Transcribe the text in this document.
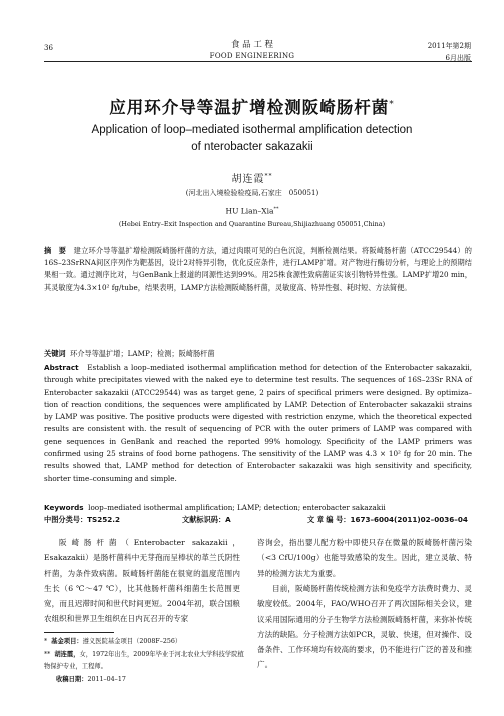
36	食 品 工 程
FOOD ENGINEERING
2011年第2期
6月出版
应用环介导等温扩增检测阪崎肠杆菌*
Application of loop–mediated isothermal amplification detection
of nterobacter sakazakii
胡连霞**
(河北出入境检验检疫局,石家庄　050051)
HU Lian–Xia**
(Hebei Entry–Exit Inspection and Quarantine Bureau,Shijiazhuang 050051,China)
摘　要 建立环介导等温扩增检测阪崎肠杆菌的方法，通过肉眼可见的白色沉淀，判断检测结果。将阪崎肠杆菌（ATCC29544）的16S–23SrRNA间区序列作为靶基因，设计2对特异引物，优化反应条件，进行LAMP扩增。对产物进行酶切分析，与理论上的预期结果相一致。通过测序比对，与GenBank上报道的同源性达到99%。用25株食源性致病菌证实该引物特异性强。LAMP扩增20 min，其灵敏度为4.3×10² fg/tube，结果表明，LAMP方法检测阪崎肠杆菌，灵敏度高、特异性强、耗时短、方法简便。
关键词 环介导等温扩增；LAMP；检测；阪崎肠杆菌
Abstract Establish a loop–mediated isothermal amplification method for detection of the Enterobacter sakazakii, through white precipitates viewed with the naked eye to determine test results. The sequences of 16S–23Sr RNA of Enterobacter sakazakii (ATCC29544) was as target gene, 2 pairs of specifical primers were designed. By optimiza–tion of reaction conditions, the sequences were amplificated by LAMP. Detection of Enterobacter sakazakii strains by LAMP was positive. The positive products were digested with restriction enzyme, which the theoretical expected results are consistent with. the result of sequencing of PCR with the outer primers of LAMP was compared with gene sequences in GenBank and reached the reported 99% homology. Specificity of the LAMP primers was confirmed using 25 strains of food borne pathogens. The sensitivity of the LAMP was 4.3 × 10² fg for 20 min. The results showed that, LAMP method for detection of Enterobacter sakazakii was high sensitivity and specificity, shorter time–consuming and simple.
Keywords loop–mediated isothermal amplification; LAMP; detection; enterobacter sakazakii
中图分类号：TS252.2	文献标识码：A	文 章 编 号：1673–6004(2011)02–0036–04
阪崎肠杆菌（Enterobacter sakazakii，Esakazakii）是肠杆菌科中无芽孢而呈棒状的革兰氏阴性杆菌，为条件致病菌。阪崎肠杆菌能在很宽的温度范围内生长（6 ℃～47 ℃），比其他肠杆菌科细菌生长范围更宽，而且迟滞时间和世代时间更短。2004年初，联合国粮农组织和世界卫生组织在日内瓦召开的专家
* 基金项目：遵义医院基金项目（2008F–256）
** 胡连霞，女，1972年出生，2009年毕业于河北农业大学科技学院植物保护专业，工程师。
收稿日期：2011–04–17
咨询会，指出婴儿配方粉中即使只存在微量的阪崎肠杆菌污染（<3 CfU/100g）也能导致感染的发生。因此，建立灵敏、特异的检测方法尤为重要。
目前，阪崎肠杆菌传统检测方法和免疫学方法费时费力、灵敏度较低。2004年，FAO/WHO召开了两次国际相关会议，建议采用国际通用的分子生物学方法检测阪崎肠杆菌，来弥补传统方法的缺陷。分子检测方法如PCR，灵敏、快速，但对操作、设备条件、工作环境均有较高的要求，仍不能进行广泛的普及和推广。
